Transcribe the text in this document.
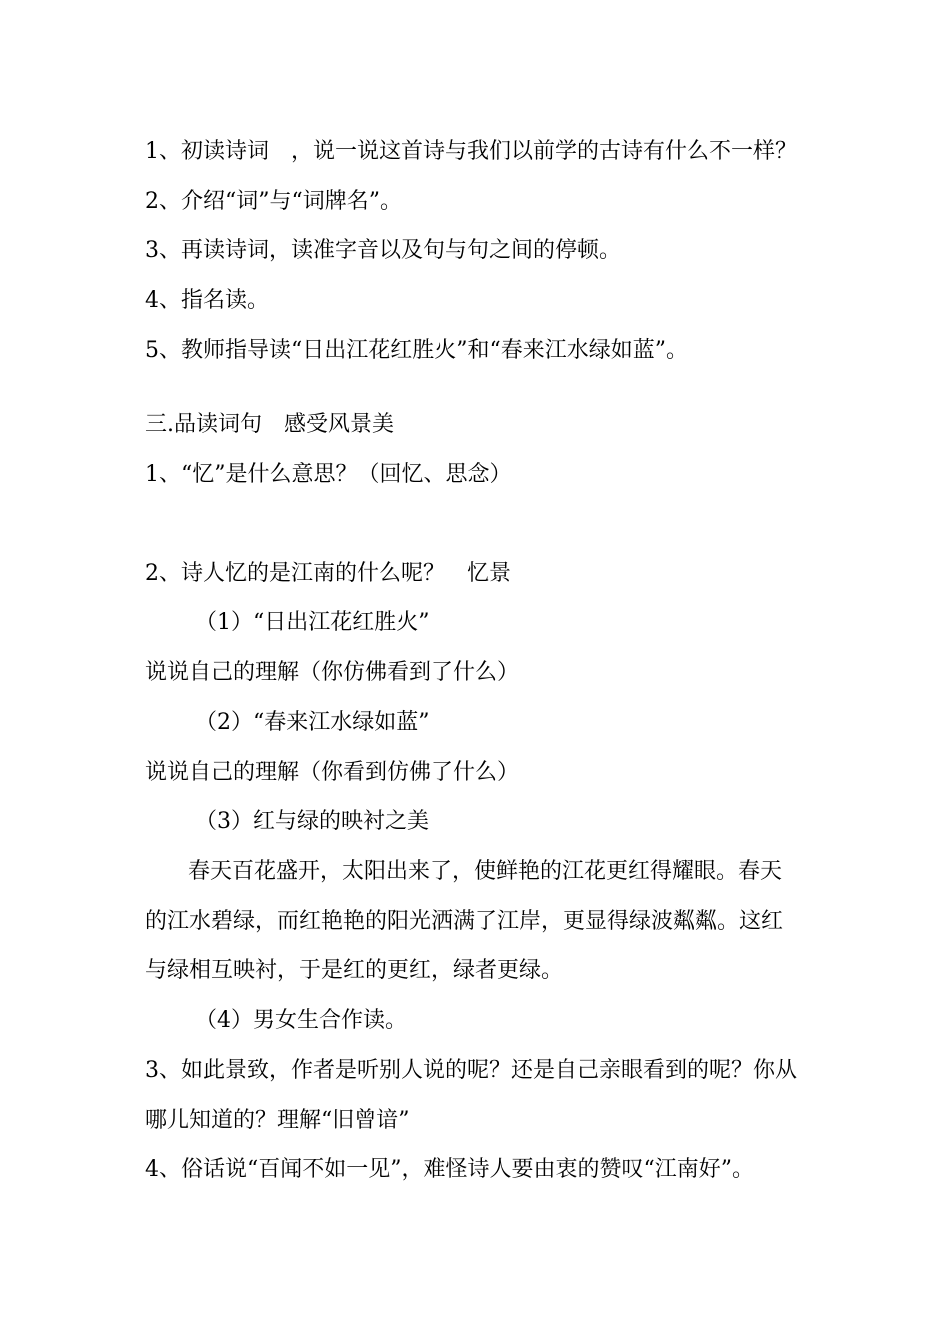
1、初读诗词　，说一说这首诗与我们以前学的古诗有什么不一样？
2、介绍“词”与“词牌名”。
3、再读诗词，读准字音以及句与句之间的停顿。
4、指名读。
5、教师指导读“日出江花红胜火”和“春来江水绿如蓝”。
三.品读词句　感受风景美
1、“忆”是什么意思？（回忆、思念）
2、诗人忆的是江南的什么呢？　忆景
（1）“日出江花红胜火”
说说自己的理解（你仿佛看到了什么）
（2）“春来江水绿如蓝”
说说自己的理解（你看到仿佛了什么）
（3）红与绿的映衬之美
春天百花盛开，太阳出来了，使鲜艳的江花更红得耀眼。春天
的江水碧绿，而红艳艳的阳光洒满了江岸，更显得绿波粼粼。这红
与绿相互映衬，于是红的更红，绿者更绿。
（4）男女生合作读。
3、如此景致，作者是听别人说的呢？还是自己亲眼看到的呢？你从
哪儿知道的？理解“旧曾谙”
4、俗话说“百闻不如一见”，难怪诗人要由衷的赞叹“江南好”。
